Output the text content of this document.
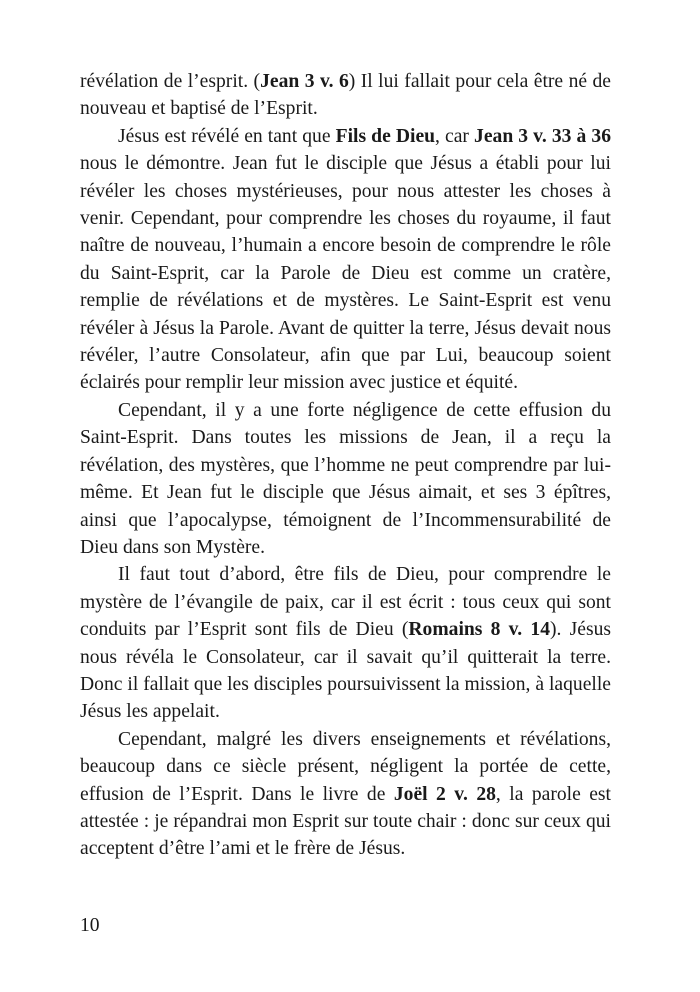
révélation de l’esprit. (Jean 3 v. 6) Il lui fallait pour cela être né de nouveau et baptisé de l’Esprit.

Jésus est révélé en tant que Fils de Dieu, car Jean 3 v. 33 à 36 nous le démontre. Jean fut le disciple que Jésus a établi pour lui révéler les choses mystérieuses, pour nous attester les choses à venir. Cependant, pour comprendre les choses du royaume, il faut naître de nouveau, l’humain a encore besoin de comprendre le rôle du Saint-Esprit, car la Parole de Dieu est comme un cratère, remplie de révélations et de mystères. Le Saint-Esprit est venu révéler à Jésus la Parole. Avant de quitter la terre, Jésus devait nous révéler, l’autre Consolateur, afin que par Lui, beaucoup soient éclairés pour remplir leur mission avec justice et équité.

Cependant, il y a une forte négligence de cette effusion du Saint-Esprit. Dans toutes les missions de Jean, il a reçu la révélation, des mystères, que l’homme ne peut comprendre par lui-même. Et Jean fut le disciple que Jésus aimait, et ses 3 épîtres, ainsi que l’apocalypse, témoignent de l’Incommensurabilité de Dieu dans son Mystère.

Il faut tout d’abord, être fils de Dieu, pour comprendre le mystère de l’évangile de paix, car il est écrit : tous ceux qui sont conduits par l’Esprit sont fils de Dieu (Romains 8 v. 14). Jésus nous révéla le Consolateur, car il savait qu’il quitterait la terre. Donc il fallait que les disciples poursuivissent la mission, à laquelle Jésus les appelait.

Cependant, malgré les divers enseignements et révélations, beaucoup dans ce siècle présent, négligent la portée de cette, effusion de l’Esprit. Dans le livre de Joël 2 v. 28, la parole est attestée : je répandrai mon Esprit sur toute chair : donc sur ceux qui acceptent d’être l’ami et le frère de Jésus.

10
